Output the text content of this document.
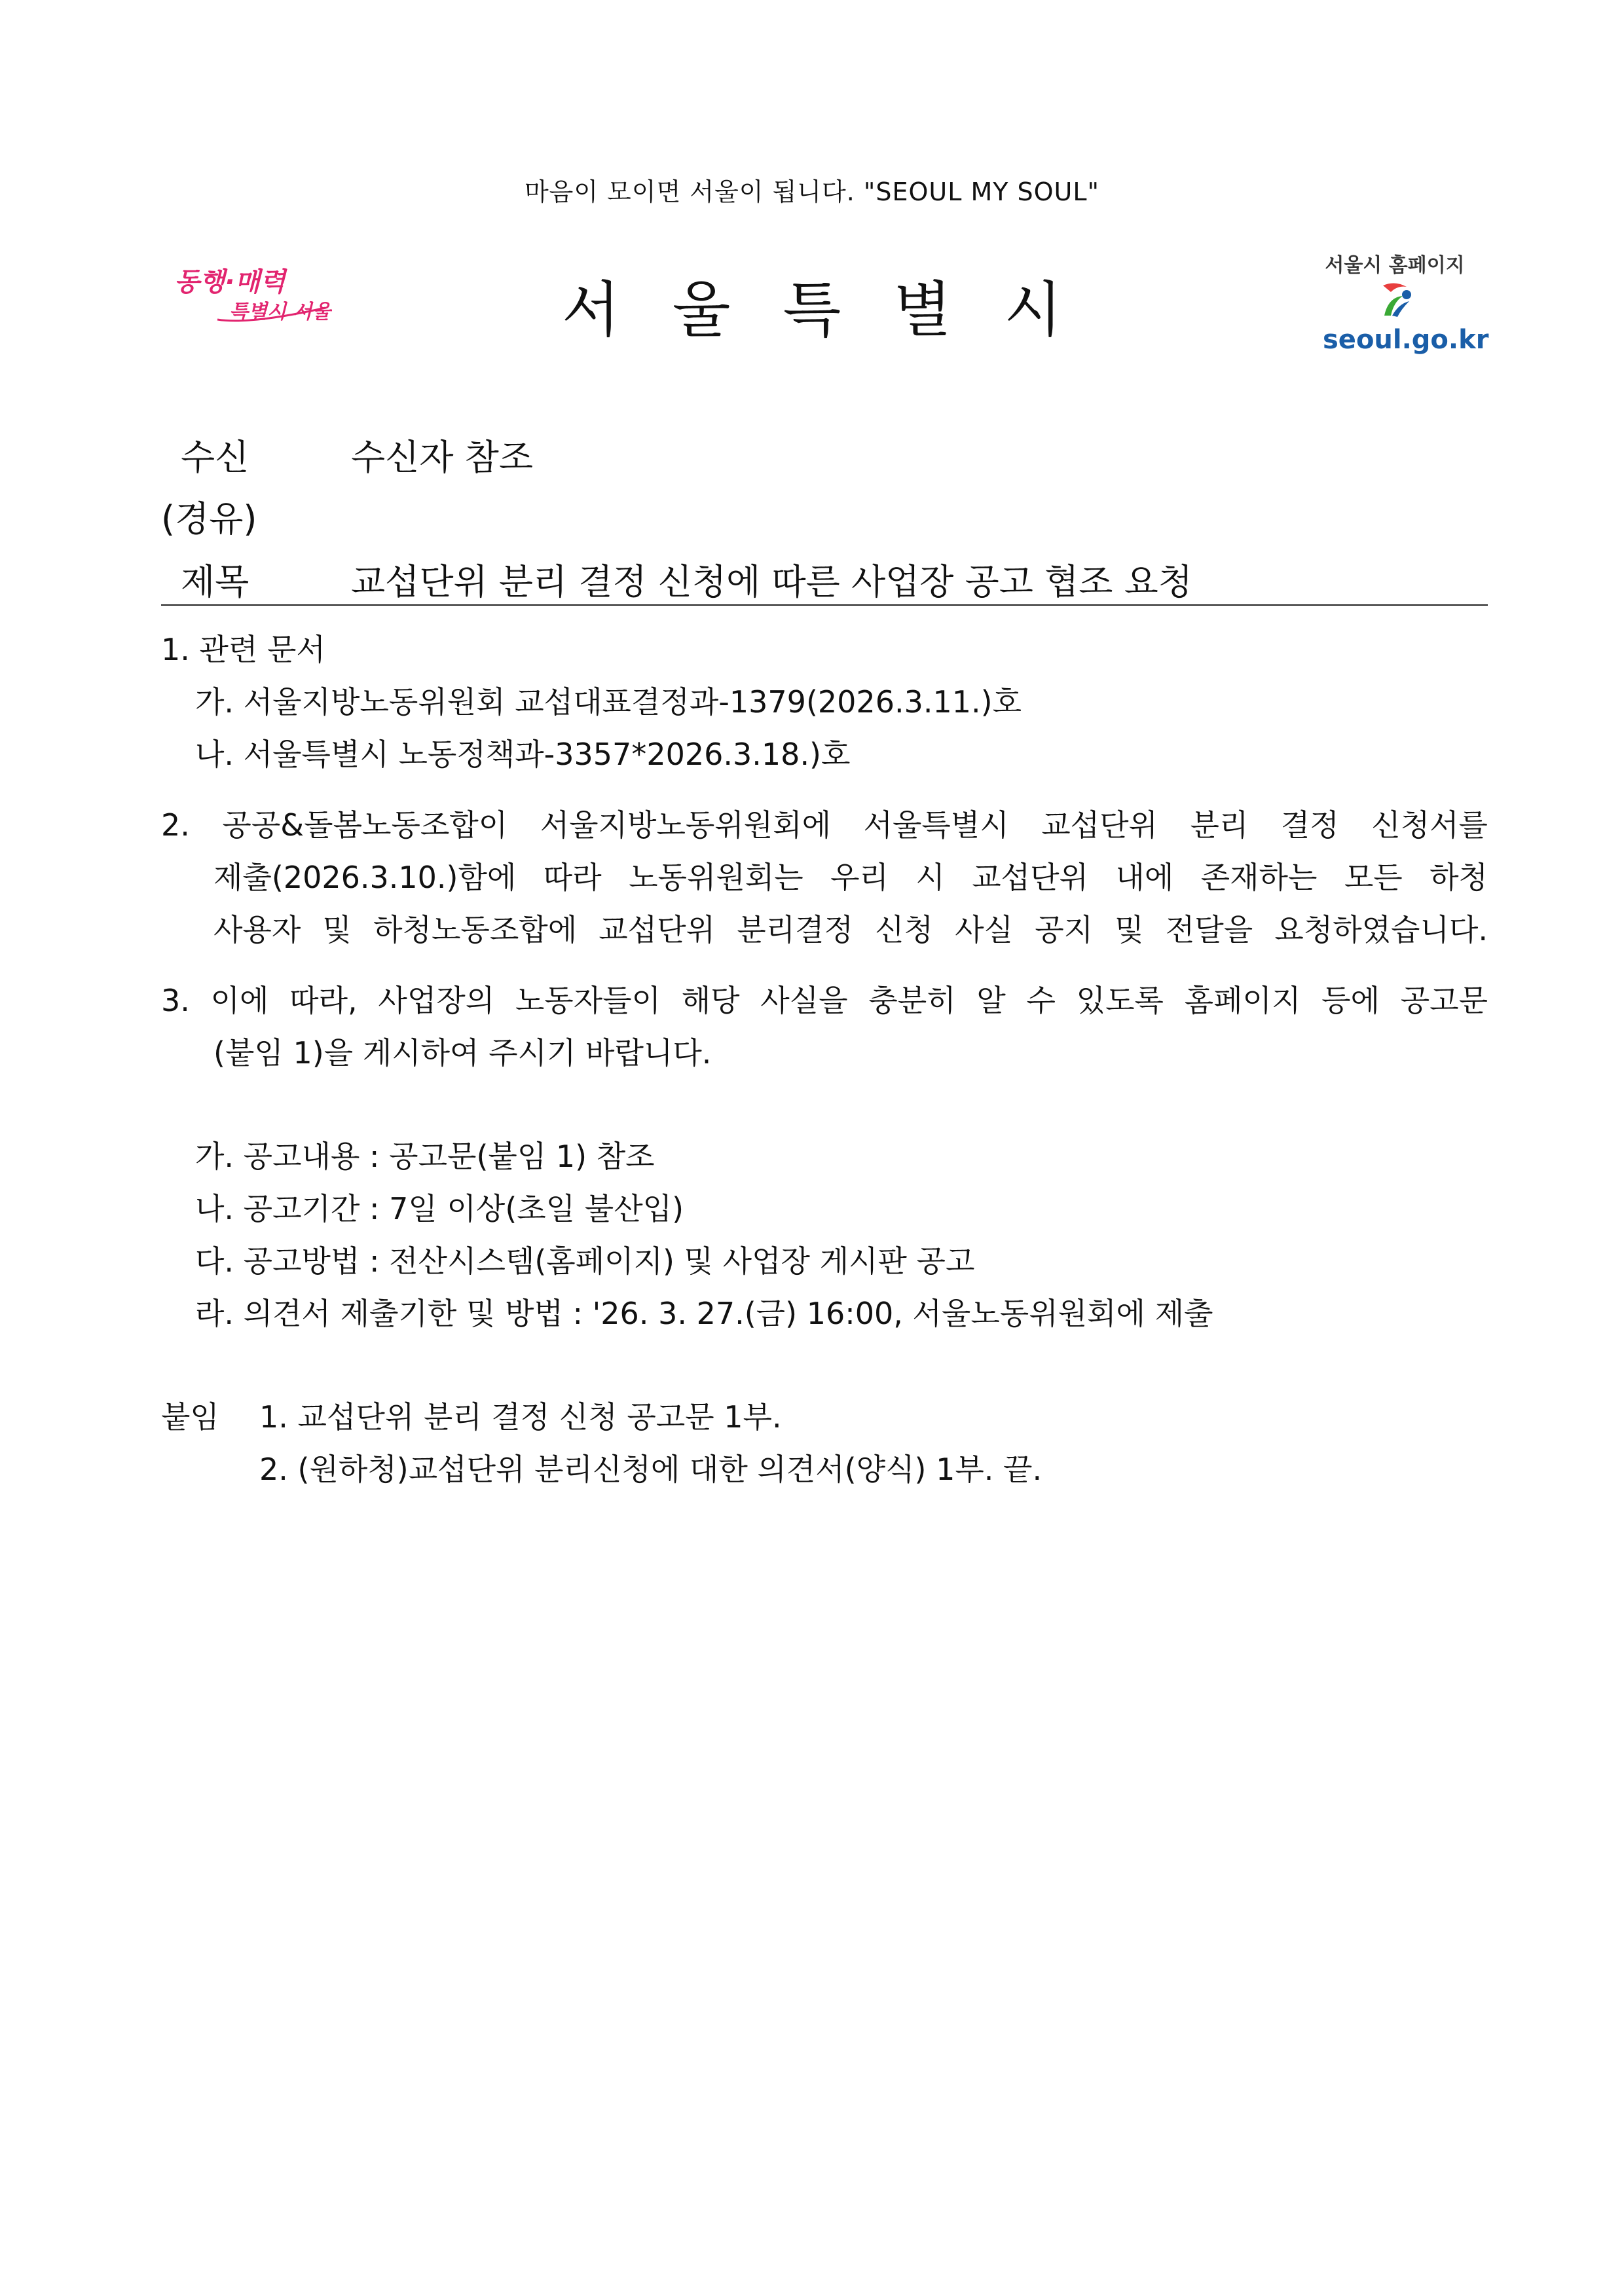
마음이 모이면 서울이 됩니다. "SEOUL MY SOUL"
동행·매력
특별시 서울	서울특별시
서울시 홈페이지
seoul.go.kr
수신	수신자 참조
(경유)
제목	교섭단위 분리 결정 신청에 따른 사업장 공고 협조 요청
1. 관련 문서
가. 서울지방노동위원회 교섭대표결정과-1379(2026.3.11.)호
나. 서울특별시 노동정책과-3357*2026.3.18.)호
2. 공공&돌봄노동조합이 서울지방노동위원회에 서울특별시 교섭단위 분리 결정 신청서를
제출(2026.3.10.)함에 따라 노동위원회는 우리 시 교섭단위 내에 존재하는 모든 하청
사용자 및 하청노동조합에 교섭단위 분리결정 신청 사실 공지 및 전달을 요청하였습니다.
3. 이에 따라, 사업장의 노동자들이 해당 사실을 충분히 알 수 있도록 홈페이지 등에 공고문
(붙임 1)을 게시하여 주시기 바랍니다.
가. 공고내용 : 공고문(붙임 1) 참조
나. 공고기간 : 7일 이상(초일 불산입)
다. 공고방법 : 전산시스템(홈페이지) 및 사업장 게시판 공고
라. 의견서 제출기한 및 방법 : '26. 3. 27.(금) 16:00, 서울노동위원회에 제출
붙임 1. 교섭단위 분리 결정 신청 공고문 1부.
2. (원하청)교섭단위 분리신청에 대한 의견서(양식) 1부. 끝.
